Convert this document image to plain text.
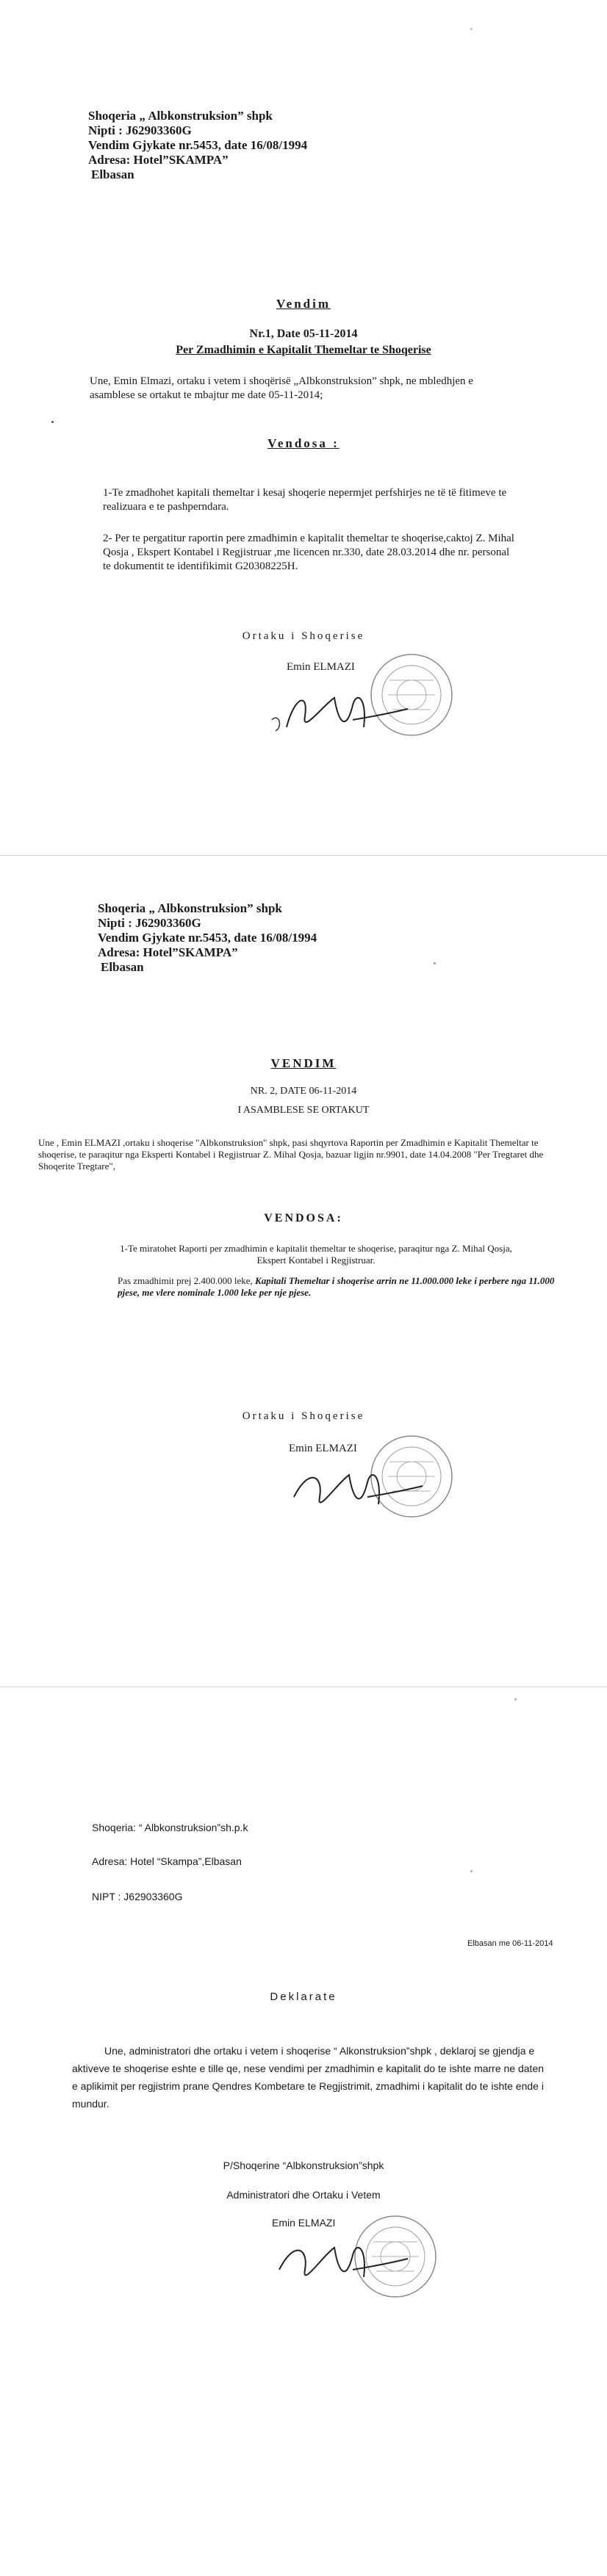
Shoqeria „ Albkonstruksion” shpk
Nipti : J62903360G
Vendim Gjykate nr.5453, date 16/08/1994
Adresa: Hotel”SKAMPA”
Elbasan
Vendim
Nr.1, Date 05-11-2014
Per Zmadhimin e Kapitalit Themeltar te Shoqerise

Une, Emin Elmazi, ortaku i vetem i shoqërisë „Albkonstruksion” shpk, ne mbledhjen e asamblese se ortakut te mbajtur me date 05-11-2014;

Vendosa :

1-Te zmadhohet kapitali themeltar i kesaj shoqerie nepermjet perfshirjes ne të të fitimeve te realizuara e te pashperndara.

2- Per te pergatitur raportin pere zmadhimin e kapitalit themeltar te shoqerise,caktoj Z. Mihal Qosja , Ekspert Kontabel i Regjistruar ,me licencen nr.330, date 28.03.2014 dhe nr. personal te dokumentit te identifikimit G20308225H.

Ortaku i Shoqerise
Emin ELMAZI
Shoqeria „ Albkonstruksion” shpk
Nipti : J62903360G
Vendim Gjykate nr.5453, date 16/08/1994
Adresa: Hotel”SKAMPA”
Elbasan
VENDIM
NR. 2, DATE 06-11-2014
I ASAMBLESE SE ORTAKUT

Une , Emin ELMAZI ,ortaku i shoqerise "Albkonstruksion" shpk, pasi shqyrtova Raportin per Zmadhimin e Kapitalit Themeltar te shoqerise, te paraqitur nga Eksperti Kontabel i Regjistruar Z. Mihal Qosja, bazuar ligjin nr.9901, date 14.04.2008 "Per Tregtaret dhe Shoqerite Tregtare",

VENDOSA:

1-Te miratohet Raporti per zmadhimin e kapitalit themeltar te shoqerise, paraqitur nga Z. Mihal Qosja, Ekspert Kontabel i Regjistruar.

Pas zmadhimit prej 2.400.000 leke, Kapitali Themeltar i shoqerise arrin ne 11.000.000 leke i perbere nga 11.000 pjese, me vlere nominale 1.000 leke per nje pjese.

Ortaku i Shoqerise
Emin ELMAZI
Shoqeria: “ Albkonstruksion”sh.p.k
Adresa: Hotel “Skampa”,Elbasan
NIPT : J62903360G
Elbasan me 06-11-2014
Deklarate

Une, administratori dhe ortaku i vetem i shoqerise “ Alkonstruksion”shpk , deklaroj se gjendja e aktiveve te shoqerise eshte e tille qe, nese vendimi per zmadhimin e kapitalit do te ishte marre ne daten e aplikimit per regjistrim prane Qendres Kombetare te Regjistrimit, zmadhimi i kapitalit do te ishte ende i mundur.

P/Shoqerine “Albkonstruksion”shpk
Administratori dhe Ortaku i Vetem
Emin ELMAZI
